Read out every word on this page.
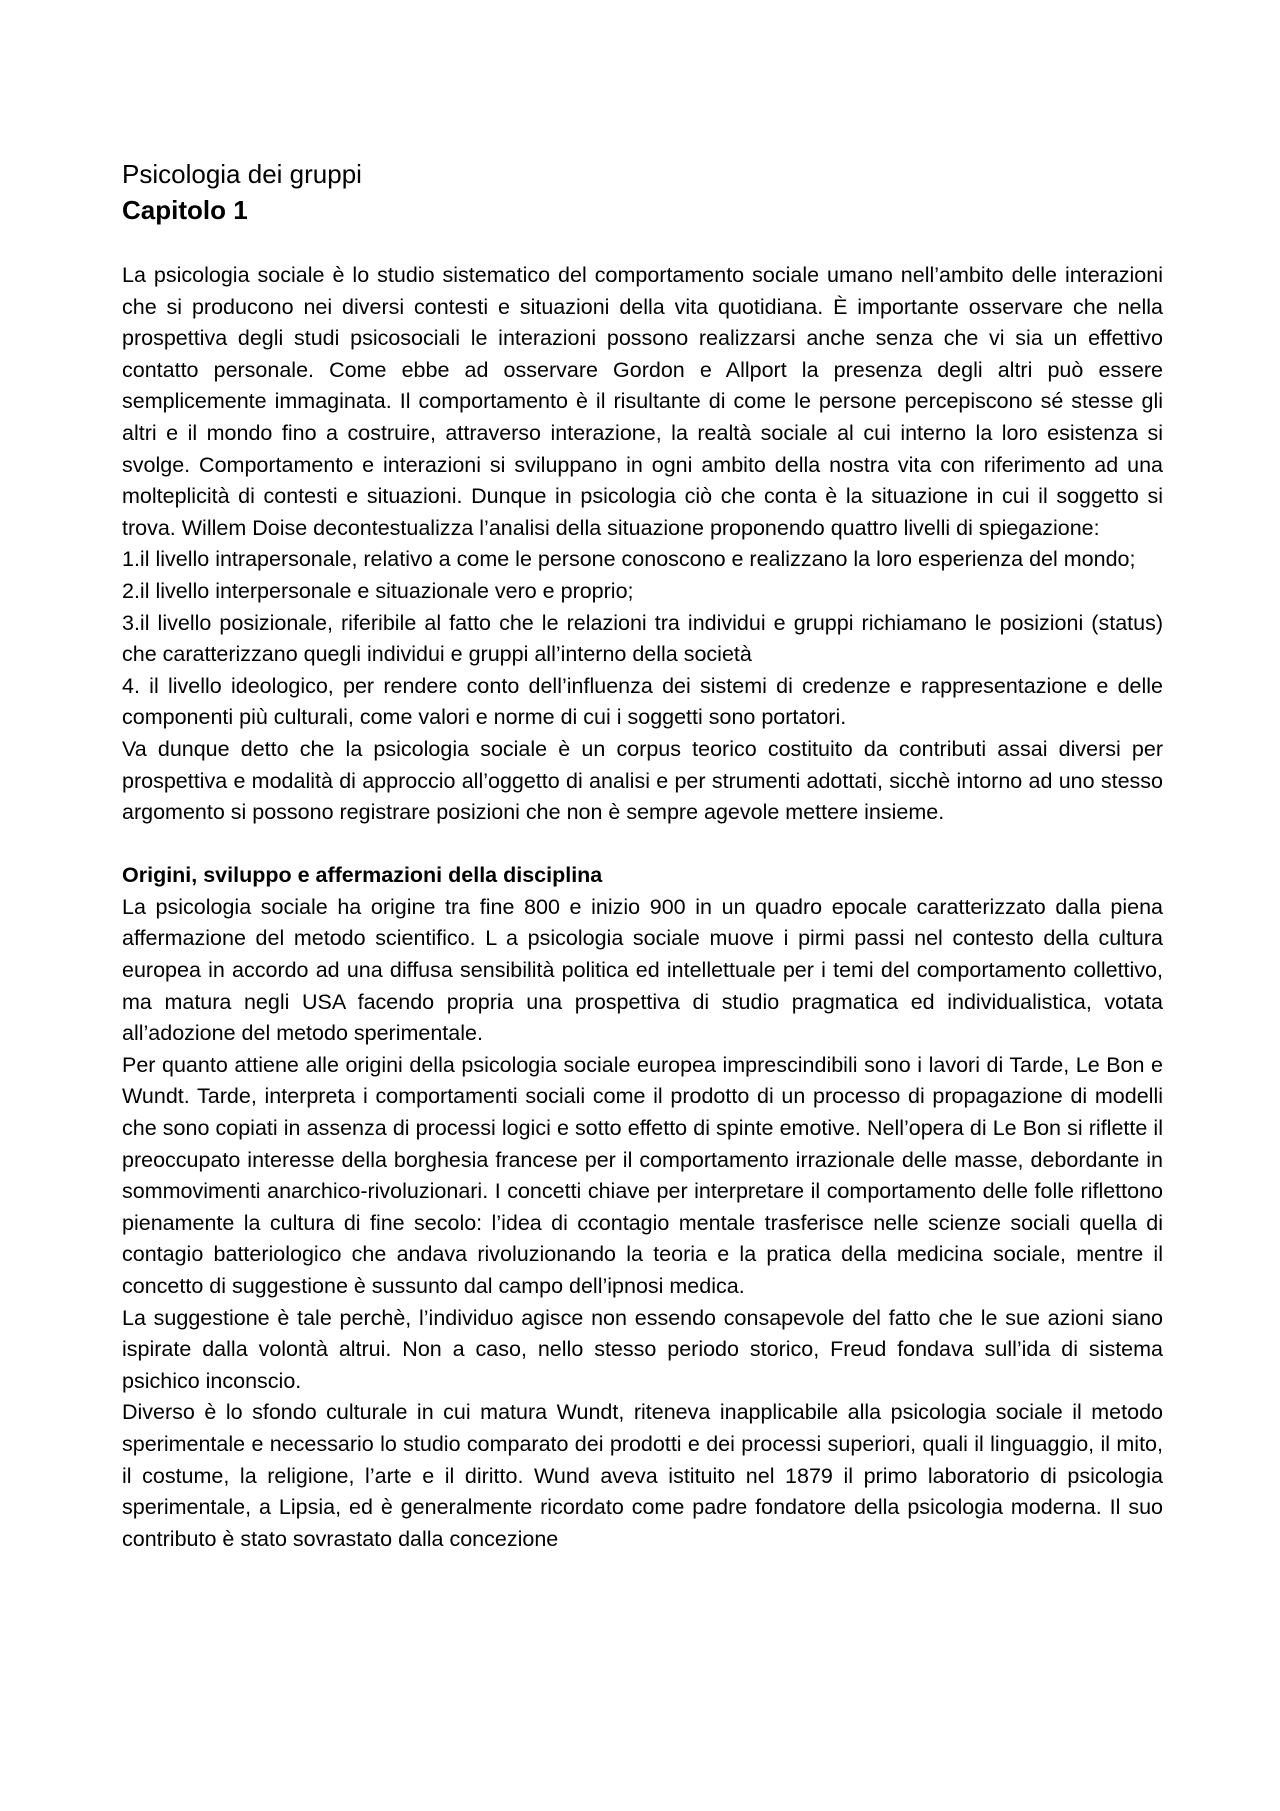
Psicologia dei gruppi
Capitolo 1

La psicologia sociale è lo studio sistematico del comportamento sociale umano nell’ambito delle interazioni che si producono nei diversi contesti e situazioni della vita quotidiana. È importante osservare che nella prospettiva degli studi psicosociali le interazioni possono realizzarsi anche senza che vi sia un effettivo contatto personale. Come ebbe ad osservare Gordon e Allport la presenza degli altri può essere semplicemente immaginata. Il comportamento è il risultante di come le persone percepiscono sé stesse gli altri e il mondo fino a costruire, attraverso interazione, la realtà sociale al cui interno la loro esistenza si svolge. Comportamento e interazioni si sviluppano in ogni ambito della nostra vita con riferimento ad una molteplicità di contesti e situazioni. Dunque in psicologia ciò che conta è la situazione in cui il soggetto si trova. Willem Doise decontestualizza l’analisi della situazione proponendo quattro livelli di spiegazione:

1.il livello intrapersonale, relativo a come le persone conoscono e realizzano la loro esperienza del mondo;

2.il livello interpersonale e situazionale vero e proprio;

3.il livello posizionale, riferibile al fatto che le relazioni tra individui e gruppi richiamano le posizioni (status) che caratterizzano quegli individui e gruppi all’interno della società

4. il livello ideologico, per rendere conto dell’influenza dei sistemi di credenze e rappresentazione e delle componenti più culturali, come valori e norme di cui i soggetti sono portatori.

Va dunque detto che la psicologia sociale è un corpus teorico costituito da contributi assai diversi per prospettiva e modalità di approccio all’oggetto di analisi e per strumenti adottati, sicchè intorno ad uno stesso argomento si possono registrare posizioni che non è sempre agevole mettere insieme.

Origini, sviluppo e affermazioni della disciplina

La psicologia sociale ha origine tra fine 800 e inizio 900 in un quadro epocale caratterizzato dalla piena affermazione del metodo scientifico. L a psicologia sociale muove i pirmi passi nel contesto della cultura europea in accordo ad una diffusa sensibilità politica ed intellettuale per i temi del comportamento collettivo, ma matura negli USA facendo propria una prospettiva di studio pragmatica ed individualistica, votata all’adozione del metodo sperimentale.

Per quanto attiene alle origini della psicologia sociale europea imprescindibili sono i lavori di Tarde, Le Bon e Wundt. Tarde, interpreta i comportamenti sociali come il prodotto di un processo di propagazione di modelli che sono copiati in assenza di processi logici e sotto effetto di spinte emotive. Nell’opera di Le Bon si riflette il preoccupato interesse della borghesia francese per il comportamento irrazionale delle masse, debordante in sommovimenti anarchico-rivoluzionari. I concetti chiave per interpretare il comportamento delle folle riflettono pienamente la cultura di fine secolo: l’idea di ccontagio mentale trasferisce nelle scienze sociali quella di contagio batteriologico che andava rivoluzionando la teoria e la pratica della medicina sociale, mentre il concetto di suggestione è sussunto dal campo dell’ipnosi medica.

La suggestione è tale perchè, l’individuo agisce non essendo consapevole del fatto che le sue azioni siano ispirate dalla volontà altrui. Non a caso, nello stesso periodo storico, Freud fondava sull’ida di sistema psichico inconscio.

Diverso è lo sfondo culturale in cui matura Wundt, riteneva inapplicabile alla psicologia sociale il metodo sperimentale e necessario lo studio comparato dei prodotti e dei processi superiori, quali il linguaggio, il mito, il costume, la religione, l’arte e il diritto. Wund aveva istituito nel 1879 il primo laboratorio di psicologia sperimentale, a Lipsia, ed è generalmente ricordato come padre fondatore della psicologia moderna. Il suo contributo è stato sovrastato dalla concezione
